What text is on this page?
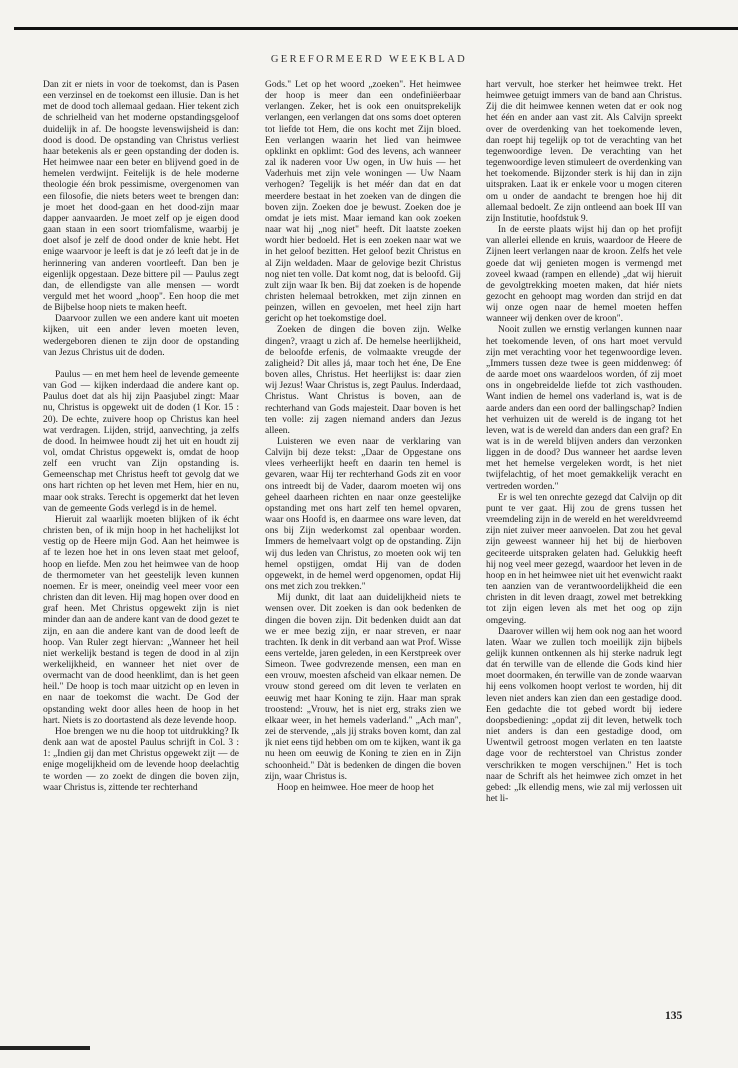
GEREFORMEERD WEEKBLAD

Dan zit er niets in voor de toekomst, dan is Pasen een verzinsel en de toekomst een illusie. Dan is het met de dood toch allemaal gedaan. Hier tekent zich de schrielheid van het moderne opstandingsgeloof duidelijk in af. De hoogste levenswijsheid is dan: dood is dood. De opstanding van Christus verliest haar betekenis als er geen opstanding der doden is. Het heimwee naar een beter en blijvend goed in de hemelen verdwijnt. Feitelijk is de hele moderne theologie één brok pessimisme, overgenomen van een filosofie, die niets beters weet te brengen dan: je moet het dood-gaan en het dood-zijn maar dapper aanvaarden. Je moet zelf op je eigen dood gaan staan in een soort triomfalisme, waarbij je doet alsof je zelf de dood onder de knie hebt. Het enige waarvoor je leeft is dat je zó leeft dat je in de herinnering van anderen voortleeft. Dan ben je eigenlijk opgestaan. Deze bittere pil — Paulus zegt dan, de ellendigste van alle mensen — wordt verguld met het woord „hoop". Een hoop die met de Bijbelse hoop niets te maken heeft.

Daarvoor zullen we een andere kant uit moeten kijken, uit een ander leven moeten leven, wedergeboren dienen te zijn door de opstanding van Jezus Christus uit de doden.

Paulus — en met hem heel de levende gemeente van God — kijken inderdaad die andere kant op. Paulus doet dat als hij zijn Paasjubel zingt: Maar nu, Christus is opgewekt uit de doden (1 Kor. 15 : 20). De echte, zuivere hoop op Christus kan heel wat verdragen. Lijden, strijd, aanvechting, ja zelfs de dood. In heimwee houdt zij het uit en houdt zij vol, omdat Christus opgewekt is, omdat de hoop zelf een vrucht van Zijn opstanding is. Gemeenschap met Christus heeft tot gevolg dat we ons hart richten op het leven met Hem, hier en nu, maar ook straks. Terecht is opgemerkt dat het leven van de gemeente Gods verlegd is in de hemel.

Hieruit zal waarlijk moeten blijken of ik écht christen ben, of ik mijn hoop in het hachelijkst lot vestig op de Heere mijn God. Aan het heimwee is af te lezen hoe het in ons leven staat met geloof, hoop en liefde. Men zou het heimwee van de hoop de thermometer van het geestelijk leven kunnen noemen. Er is meer, oneindig veel meer voor een christen dan dit leven. Hij mag hopen over dood en graf heen. Met Christus opgewekt zijn is niet minder dan aan de andere kant van de dood gezet te zijn, en aan die andere kant van de dood leeft de hoop. Van Ruler zegt hiervan: „Wanneer het heil niet werkelijk bestand is tegen de dood in al zijn werkelijkheid, en wanneer het niet over de overmacht van de dood heenklimt, dan is het geen heil." De hoop is toch maar uitzicht op en leven in en naar de toekomst die wacht. De God der opstanding wekt door alles heen de hoop in het hart. Niets is zo doortastend als deze levende hoop.

Hoe brengen we nu die hoop tot uitdrukking? Ik denk aan wat de apostel Paulus schrijft in Col. 3 : 1: „Indien gij dan met Christus opgewekt zijt — de enige mogelijkheid om de levende hoop deelachtig te worden — zo zoekt de dingen die boven zijn, waar Christus is, zittende ter rechterhand

Gods." Let op het woord „zoeken". Het heimwee der hoop is meer dan een ondefiniëerbaar verlangen. Zeker, het is ook een onuitsprekelijk verlangen, een verlangen dat ons soms doet opteren tot liefde tot Hem, die ons kocht met Zijn bloed. Een verlangen waarin het lied van heimwee opklinkt en opklimt: God des levens, ach wanneer zal ik naderen voor Uw ogen, in Uw huis — het Vaderhuis met zijn vele woningen — Uw Naam verhogen? Tegelijk is het méér dan dat en dat meerdere bestaat in het zoeken van de dingen die boven zijn. Zoeken doe je bewust. Zoeken doe je omdat je iets mist. Maar iemand kan ook zoeken naar wat hij „nog niet" heeft. Dit laatste zoeken wordt hier bedoeld. Het is een zoeken naar wat we in het geloof bezitten. Het geloof bezit Christus en al Zijn weldaden. Maar de gelovige bezit Christus nog niet ten volle. Dat komt nog, dat is beloofd. Gij zult zijn waar Ik ben. Bij dat zoeken is de hopende christen helemaal betrokken, met zijn zinnen en peinzen, willen en gevoelen, met heel zijn hart gericht op het toekomstige doel.

Zoeken de dingen die boven zijn. Welke dingen?, vraagt u zich af. De hemelse heerlijkheid, de beloofde erfenis, de volmaakte vreugde der zaligheid? Dit alles já, maar toch het éne, De Ene boven alles, Christus. Het heerlijkst is: daar zien wij Jezus! Waar Christus is, zegt Paulus. Inderdaad, Christus. Want Christus is boven, aan de rechterhand van Gods majesteit. Daar boven is het ten volle: zij zagen niemand anders dan Jezus alleen.

Luisteren we even naar de verklaring van Calvijn bij deze tekst: „Daar de Opgestane ons vlees verheerlijkt heeft en daarin ten hemel is gevaren, waar Hij ter rechterhand Gods zit en voor ons intreedt bij de Vader, daarom moeten wij ons geheel daarheen richten en naar onze geestelijke opstanding met ons hart zelf ten hemel opvaren, waar ons Hoofd is, en daarmee ons ware leven, dat ons bij Zijn wederkomst zal openbaar worden. Immers de hemelvaart volgt op de opstanding. Zijn wij dus leden van Christus, zo moeten ook wij ten hemel opstijgen, omdat Hij van de doden opgewekt, in de hemel werd opgenomen, opdat Hij ons met zich zou trekken."

Mij dunkt, dit laat aan duidelijkheid niets te wensen over. Dit zoeken is dan ook bedenken de dingen die boven zijn. Dit bedenken duidt aan dat we er mee bezig zijn, er naar streven, er naar trachten. Ik denk in dit verband aan wat Prof. Wisse eens vertelde, jaren geleden, in een Kerstpreek over Simeon. Twee godvrezende mensen, een man en een vrouw, moesten afscheid van elkaar nemen. De vrouw stond gereed om dit leven te verlaten en eeuwig met haar Koning te zijn. Haar man sprak troostend: „Vrouw, het is niet erg, straks zien we elkaar weer, in het hemels vaderland." „Ach man", zei de stervende, „als jij straks boven komt, dan zal jk niet eens tijd hebben om om te kijken, want ik ga nu heen om eeuwig de Koning te zien en in Zijn schoonheid." Dàt is bedenken de dingen die boven zijn, waar Christus is.

Hoop en heimwee. Hoe meer de hoop het

hart vervult, hoe sterker het heimwee trekt. Het heimwee getuigt immers van de band aan Christus. Zij die dit heimwee kennen weten dat er ook nog het één en ander aan vast zit. Als Calvijn spreekt over de overdenking van het toekomende leven, dan roept hij tegelijk op tot de verachting van het tegenwoordige leven. De verachting van het tegenwoordige leven stimuleert de overdenking van het toekomende. Bijzonder sterk is hij dan in zijn uitspraken. Laat ik er enkele voor u mogen citeren om u onder de aandacht te brengen hoe hij dit allemaal bedoelt. Ze zijn ontleend aan boek III van zijn Institutie, hoofdstuk 9.

In de eerste plaats wijst hij dan op het profijt van allerlei ellende en kruis, waardoor de Heere de Zijnen leert verlangen naar de kroon. Zelfs het vele goede dat wij genieten mogen is vermengd met zoveel kwaad (rampen en ellende) „dat wij hieruit de gevolgtrekking moeten maken, dat hiér niets gezocht en gehoopt mag worden dan strijd en dat wij onze ogen naar de hemel moeten heffen wanneer wij denken over de kroon".

Nooit zullen we ernstig verlangen kunnen naar het toekomende leven, of ons hart moet vervuld zijn met verachting voor het tegenwoordige leven. „Immers tussen deze twee is geen middenweg: óf de aarde moet ons waardeloos worden, óf zij moet ons in ongebreidelde liefde tot zich vasthouden. Want indien de hemel ons vaderland is, wat is de aarde anders dan een oord der ballingschap? Indien het verhuizen uit de wereld is de ingang tot het leven, wat is de wereld dan anders dan een graf? En wat is in de wereld blijven anders dan verzonken liggen in de dood? Dus wanneer het aardse leven met het hemelse vergeleken wordt, is het niet twijfelachtig, of het moet gemakkelijk veracht en vertreden worden."

Er is wel ten onrechte gezegd dat Calvijn op dit punt te ver gaat. Hij zou de grens tussen het vreemdeling zijn in de wereld en het wereldvreemd zijn niet zuiver meer aanvoelen. Dat zou het geval zijn geweest wanneer hij het bij de hierboven geciteerde uitspraken gelaten had. Gelukkig heeft hij nog veel meer gezegd, waardoor het leven in de hoop en in het heimwee niet uit het evenwicht raakt ten aanzien van de verantwoordelijkheid die een christen in dit leven draagt, zowel met betrekking tot zijn eigen leven als met het oog op zijn omgeving.

Daarover willen wij hem ook nog aan het woord laten. Waar we zullen toch moeilijk zijn bijbels gelijk kunnen ontkennen als hij sterke nadruk legt dat én terwille van de ellende die Gods kind hier moet doormaken, én terwille van de zonde waarvan hij eens volkomen hoopt verlost te worden, hij dit leven niet anders kan zien dan een gestadige dood. Een gedachte die tot gebed wordt bij iedere doopsbediening: „opdat zij dit leven, hetwelk toch niet anders is dan een gestadige dood, om Uwentwil getroost mogen verlaten en ten laatste dage voor de rechterstoel van Christus zonder verschrikken te mogen verschijnen." Het is toch naar de Schrift als het heimwee zich omzet in het gebed: „Ik ellendig mens, wie zal mij verlossen uit het li-

135
